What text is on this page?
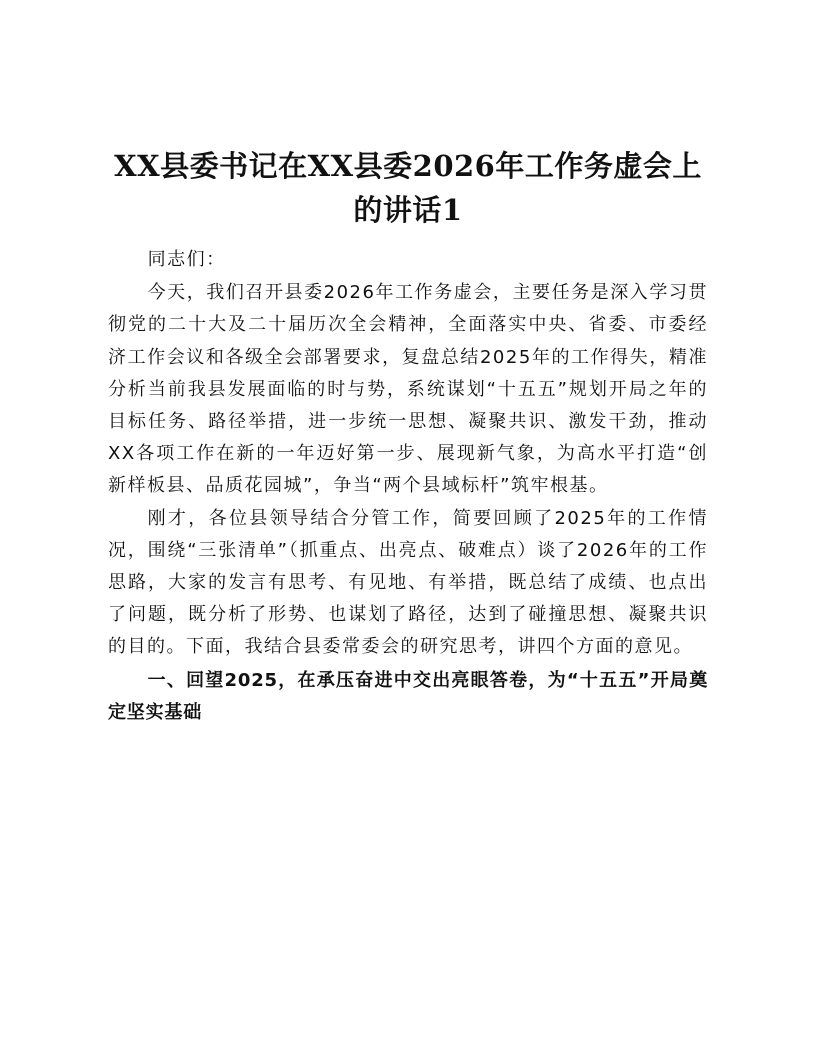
XX县委书记在XX县委2026年工作务虚会上的讲话1

同志们：

今天，我们召开县委2026年工作务虚会，主要任务是深入学习贯彻党的二十大及二十届历次全会精神，全面落实中央、省委、市委经济工作会议和各级全会部署要求，复盘总结2025年的工作得失，精准分析当前我县发展面临的时与势，系统谋划“十五五”规划开局之年的目标任务、路径举措，进一步统一思想、凝聚共识、激发干劲，推动XX各项工作在新的一年迈好第一步、展现新气象，为高水平打造“创新样板县、品质花园城”，争当“两个县域标杆”筑牢根基。

刚才，各位县领导结合分管工作，简要回顾了2025年的工作情况，围绕“三张清单”（抓重点、出亮点、破难点）谈了2026年的工作思路，大家的发言有思考、有见地、有举措，既总结了成绩、也点出了问题，既分析了形势、也谋划了路径，达到了碰撞思想、凝聚共识的目的。下面，我结合县委常委会的研究思考，讲四个方面的意见。

一、回望2025，在承压奋进中交出亮眼答卷，为“十五五”开局奠定坚实基础
